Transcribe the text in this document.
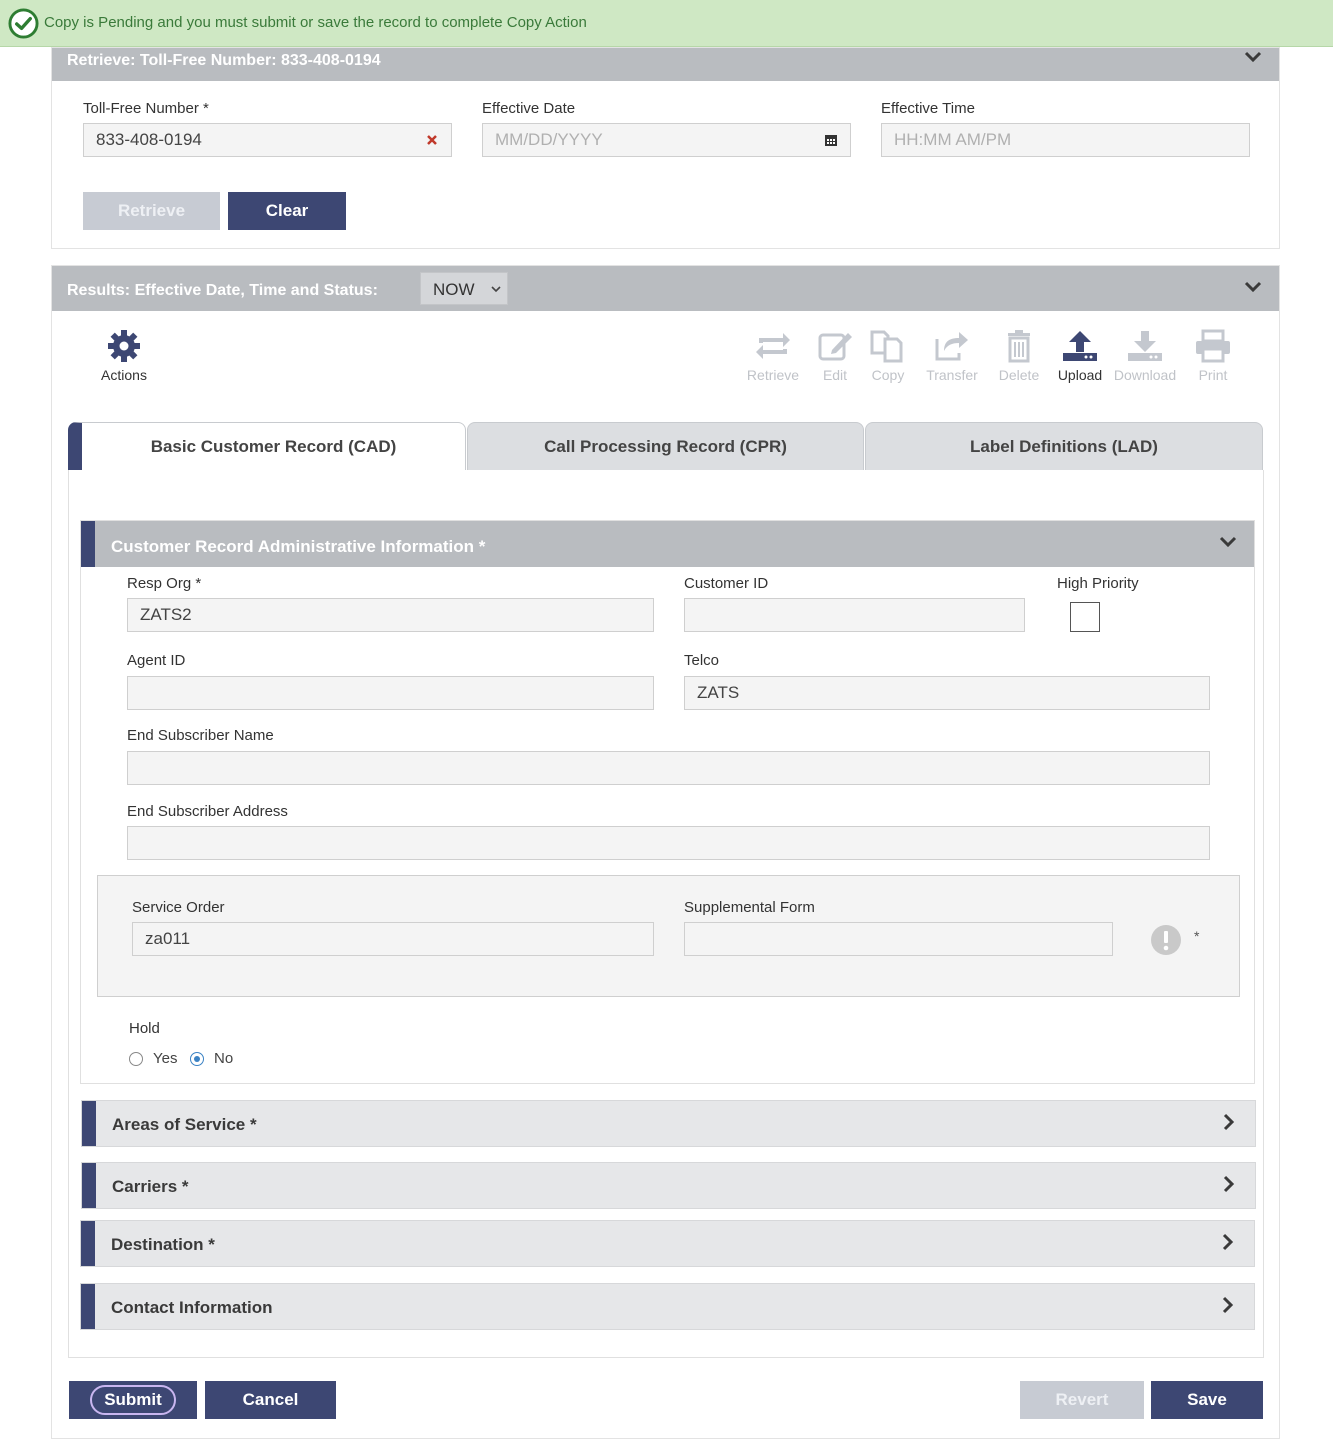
Copy is Pending and you must submit or save the record to complete Copy Action
Retrieve: Toll-Free Number: 833-408-0194
Toll-Free Number *
833-408-0194
Effective Date
MM/DD/YYYY
Effective Time
HH:MM AM/PM
Retrieve	Clear
Results: Effective Date, Time and Status:	NOW
Actions	Retrieve	Edit	Copy	Transfer	Delete	Upload Download	Print
Basic Customer Record (CAD)	Call Processing Record (CPR)	Label Definitions (LAD)
Customer Record Administrative Information *
Resp Org *
ZATS2
Customer ID	High Priority
Agent ID	Telco
ZATS
End Subscriber Name
End Subscriber Address
Service Order
za011
Supplemental Form
*
Hold
Yes No
Areas of Service *
Carriers *
Destination *
Contact Information
Submit	Cancel	Revert	Save
